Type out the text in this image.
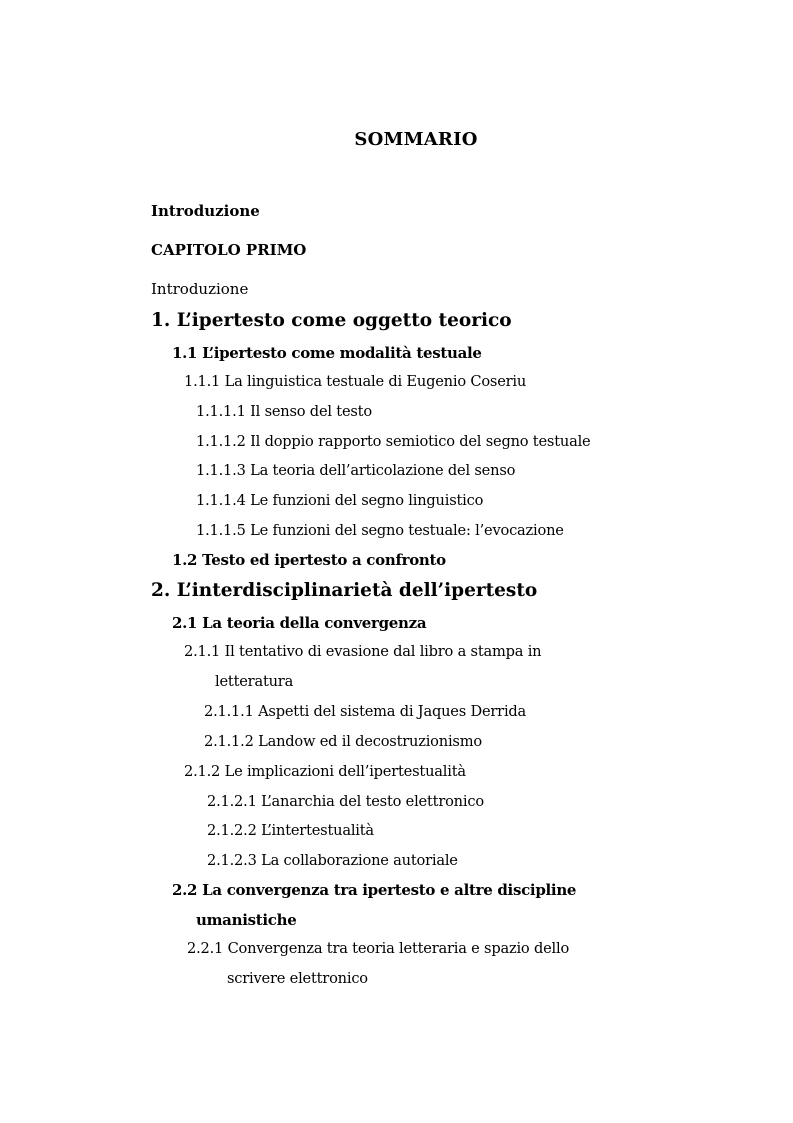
SOMMARIO
Introduzione
CAPITOLO PRIMO
Introduzione
1. L’ipertesto come oggetto teorico
1.1 L’ipertesto come modalità testuale
1.1.1 La linguistica testuale di Eugenio Coseriu
1.1.1.1 Il senso del testo
1.1.1.2 Il doppio rapporto semiotico del segno testuale
1.1.1.3 La teoria dell’articolazione del senso
1.1.1.4 Le funzioni del segno linguistico
1.1.1.5 Le funzioni del segno testuale: l’evocazione
1.2 Testo ed ipertesto a confronto
2. L’interdisciplinarietà dell’ipertesto
2.1 La teoria della convergenza
2.1.1 Il tentativo di evasione dal libro a stampa in
letteratura
2.1.1.1 Aspetti del sistema di Jaques Derrida
2.1.1.2 Landow ed il decostruzionismo
2.1.2 Le implicazioni dell’ipertestualità
2.1.2.1 L’anarchia del testo elettronico
2.1.2.2 L’intertestualità
2.1.2.3 La collaborazione autoriale
2.2 La convergenza tra ipertesto e altre discipline
umanistiche
2.2.1 Convergenza tra teoria letteraria e spazio dello
scrivere elettronico
